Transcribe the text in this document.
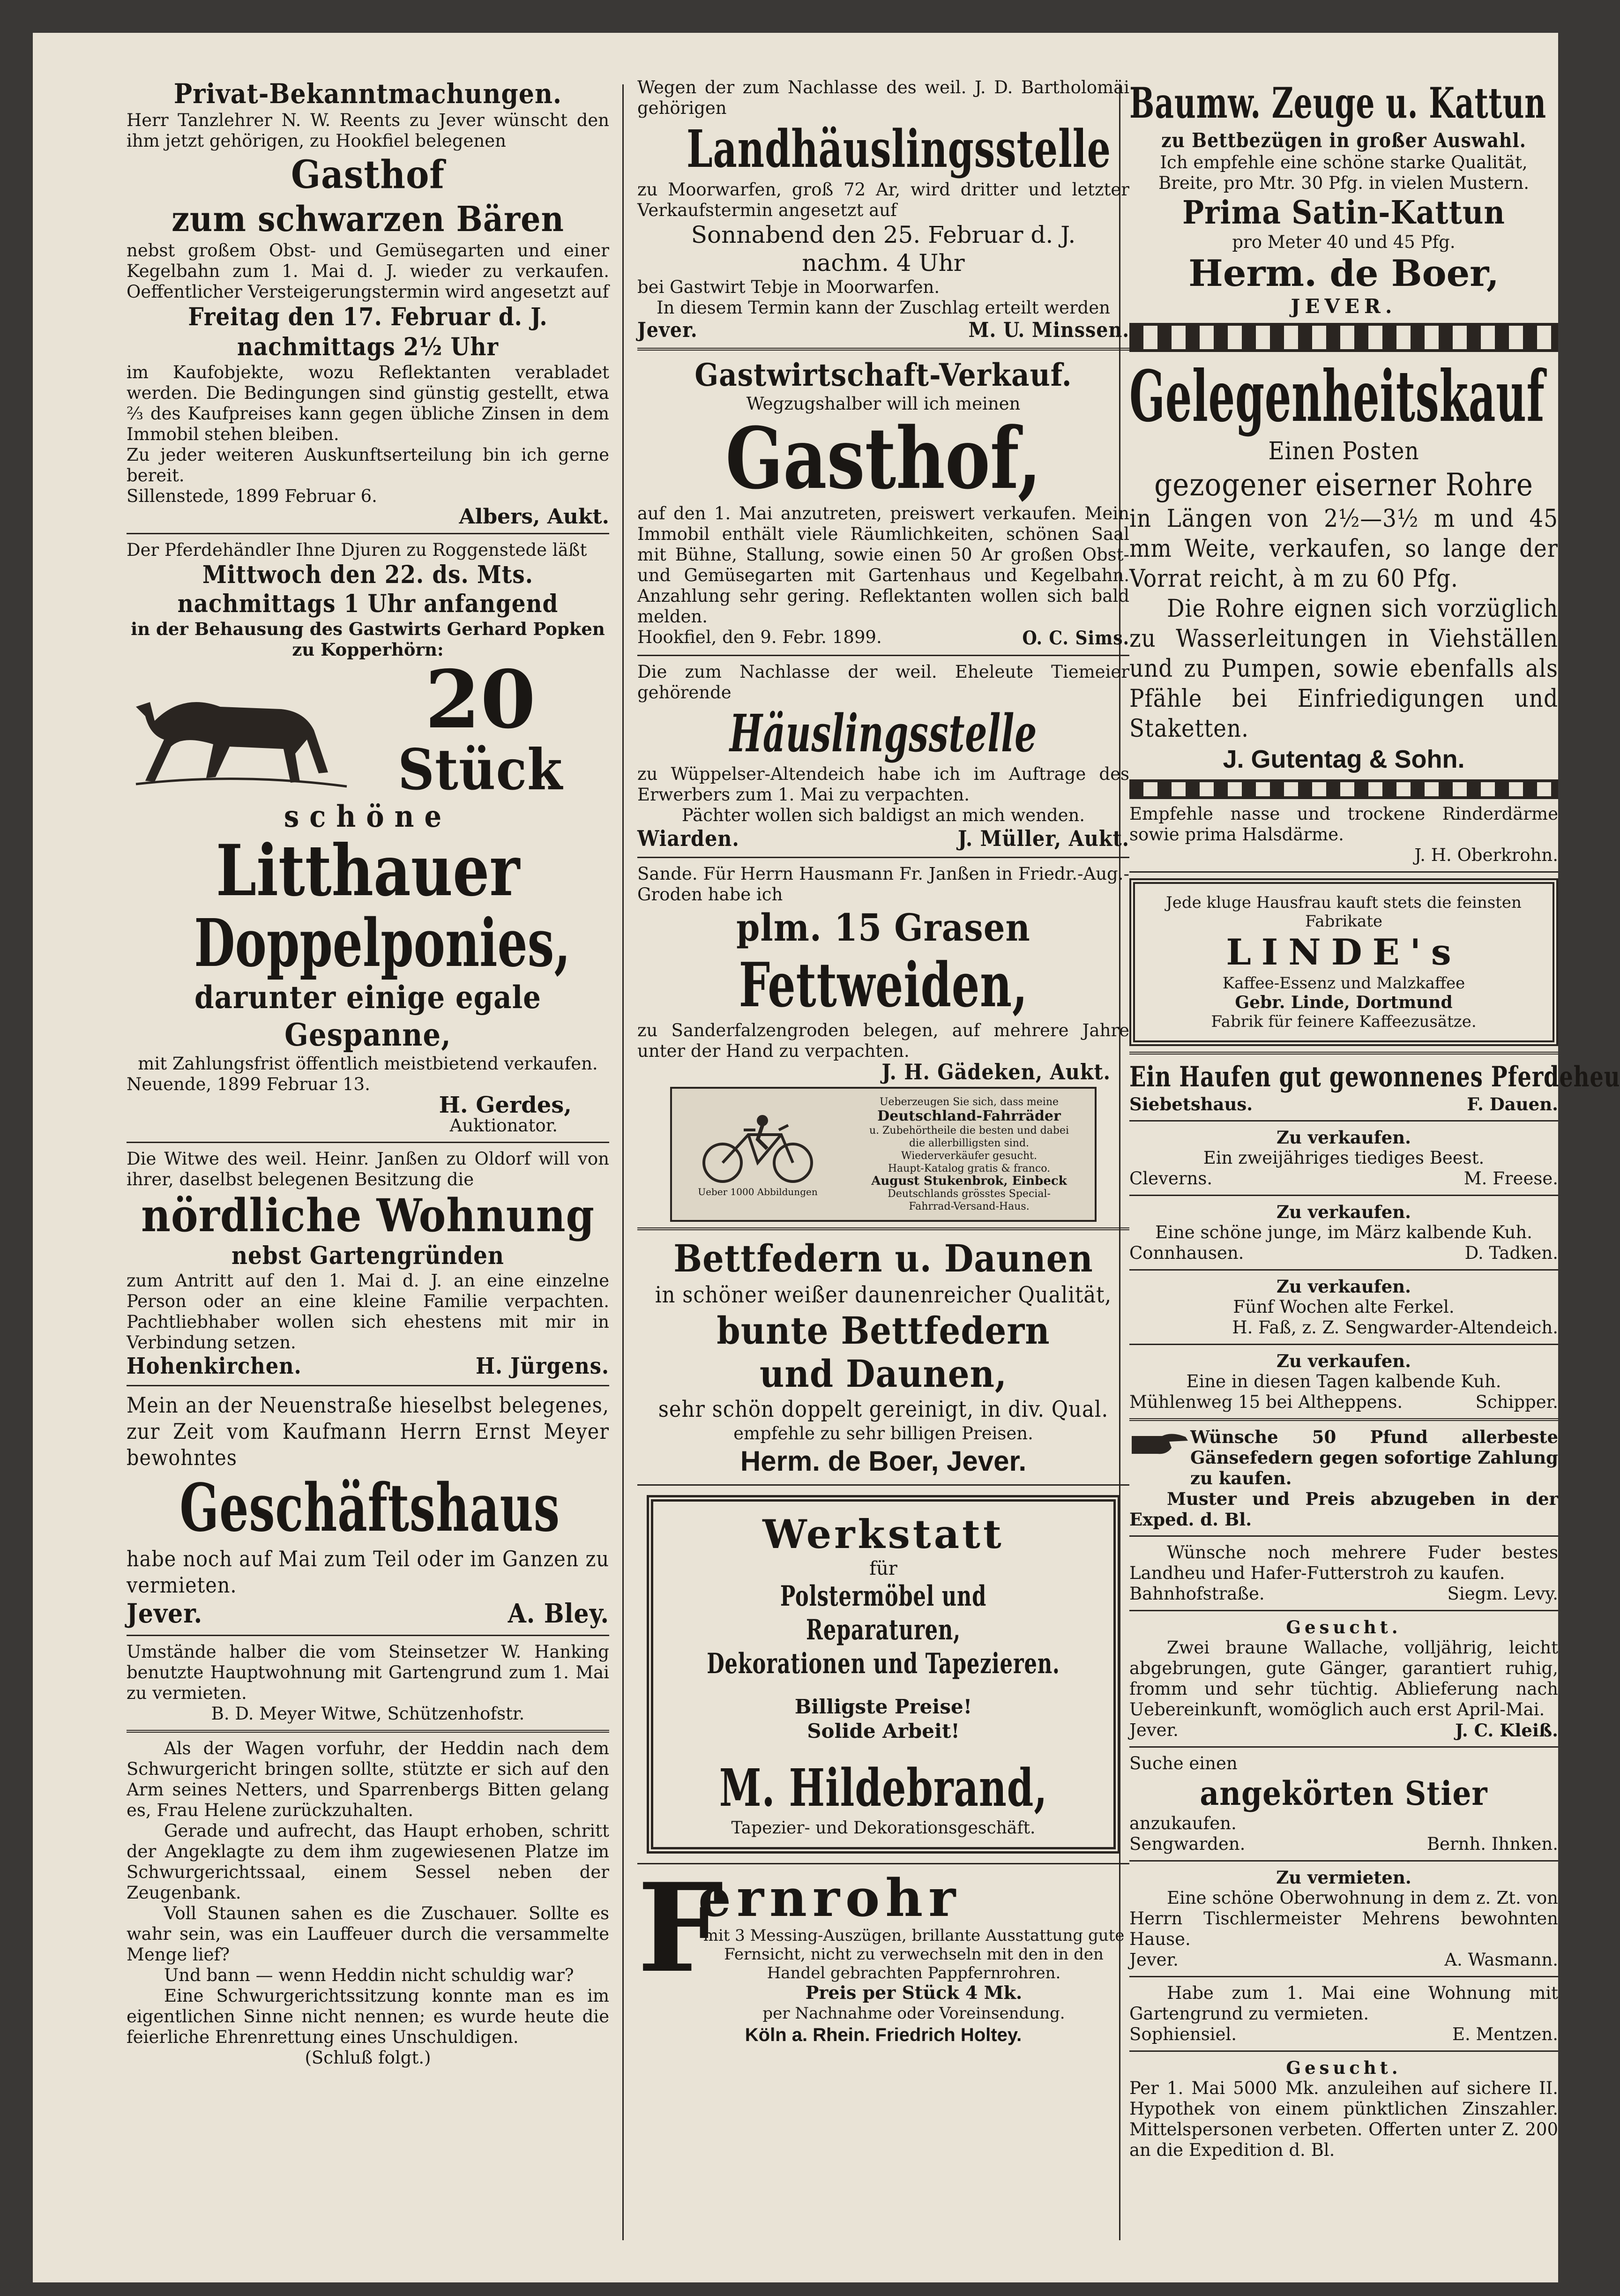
Privat-Bekanntmachungen.

Herr Tanzlehrer N. W. Reents zu Jever wünscht den ihm jetzt gehörigen, zu Hookfiel belegenen

Gasthof
zum schwarzen Bären

nebst großem Obst- und Gemüsegarten und einer Kegelbahn zum 1. Mai d. J. wieder zu verkaufen. Oeffentlicher Versteigerungstermin wird angesetzt auf

Freitag den 17. Februar d. J.
nachmittags 2½ Uhr

im Kaufobjekte, wozu Reflektanten verabladet werden. Die Bedingungen sind günstig gestellt, etwa ⅔ des Kaufpreises kann gegen übliche Zinsen in dem Immobil stehen bleiben.

Zu jeder weiteren Auskunftserteilung bin ich gerne bereit.

Sillenstede, 1899 Februar 6.

Albers, Aukt.

Der Pferdehändler Ihne Djuren zu Roggenstede läßt

Mittwoch den 22. ds. Mts.
nachmittags 1 Uhr anfangend

in der Behausung des Gastwirts Gerhard Popken zu Kopperhörn:

20
Stück
schöne
Litthauer
Doppelponies,
darunter einige egale Gespanne,

mit Zahlungsfrist öffentlich meistbietend verkaufen.

Neuende, 1899 Februar 13.

H. Gerdes,

Auktionator.

Die Witwe des weil. Heinr. Janßen zu Oldorf will von ihrer, daselbst belegenen Besitzung die

nördliche Wohnung
nebst Gartengründen

zum Antritt auf den 1. Mai d. J. an eine einzelne Person oder an eine kleine Familie verpachten. Pachtliebhaber wollen sich ehestens mit mir in Verbindung setzen.

Hohenkirchen.	H. Jürgens.

Mein an der Neuenstraße hieselbst belegenes, zur Zeit vom Kaufmann Herrn Ernst Meyer bewohntes

Geschäftshaus

habe noch auf Mai zum Teil oder im Ganzen zu vermieten.

Jever.	A. Bley.

Umstände halber die vom Steinsetzer W. Hanking benutzte Hauptwohnung mit Gartengrund zum 1. Mai zu vermieten.

B. D. Meyer Witwe, Schützenhofstr.

Als der Wagen vorfuhr, der Heddin nach dem Schwurgericht bringen sollte, stützte er sich auf den Arm seines Netters, und Sparrenbergs Bitten gelang es, Frau Helene zurückzuhalten.

Gerade und aufrecht, das Haupt erhoben, schritt der Angeklagte zu dem ihm zugewiesenen Platze im Schwurgerichtssaal, einem Sessel neben der Zeugenbank.

Voll Staunen sahen es die Zuschauer. Sollte es wahr sein, was ein Lauffeuer durch die versammelte Menge lief?

Und bann — wenn Heddin nicht schuldig war?

Eine Schwurgerichtssitzung konnte man es im eigentlichen Sinne nicht nennen; es wurde heute die feierliche Ehrenrettung eines Unschuldigen.

(Schluß folgt.)

Wegen der zum Nachlasse des weil. J. D. Bartholomäi gehörigen

Landhäuslingsstelle

zu Moorwarfen, groß 72 Ar, wird dritter und letzter Verkaufstermin angesetzt auf

Sonnabend den 25. Februar d. J.
nachm. 4 Uhr

bei Gastwirt Tebje in Moorwarfen.

In diesem Termin kann der Zuschlag erteilt werden

Jever.	M. U. Minssen.
Gastwirtschaft-Verkauf.

Wegzugshalber will ich meinen

Gasthof,

auf den 1. Mai anzutreten, preiswert verkaufen. Mein Immobil enthält viele Räumlichkeiten, schönen Saal mit Bühne, Stallung, sowie einen 50 Ar großen Obst- und Gemüsegarten mit Gartenhaus und Kegelbahn. Anzahlung sehr gering. Reflektanten wollen sich bald melden.

Hookfiel, den 9. Febr. 1899.	O. C. Sims.

Die zum Nachlasse der weil. Eheleute Tiemeier gehörende

Häuslingsstelle

zu Wüppelser-Altendeich habe ich im Auftrage des Erwerbers zum 1. Mai zu verpachten.

Pächter wollen sich baldigst an mich wenden.

Wiarden.	J. Müller, Aukt.

Sande. Für Herrn Hausmann Fr. Janßen in Friedr.-Aug.-Groden habe ich

plm. 15 Grasen
Fettweiden,

zu Sanderfalzengroden belegen, auf mehrere Jahre unter der Hand zu verpachten.

J. H. Gädeken, Aukt.

Ueber 1000 Abbildungen
Ueberzeugen Sie sich, dass meine
Deutschland-Fahrräder
u. Zubehörtheile die besten und dabei die allerbilligsten sind.
Wiederverkäufer gesucht.
Haupt-Katalog gratis & franco.
August Stukenbrok, Einbeck
Deutschlands grösstes Special-Fahrrad-Versand-Haus.
Bettfedern u. Daunen
in schöner weißer daunenreicher Qualität,
bunte Bettfedern
und Daunen,
sehr schön doppelt gereinigt, in div. Qual.

empfehle zu sehr billigen Preisen.

Herm. de Boer, Jever.
Werkstatt
für
Polstermöbel und Reparaturen,
Dekorationen und Tapezieren.
Billigste Preise!
Solide Arbeit!
M. Hildebrand,
Tapezier- und Dekorationsgeschäft.
F
ernrohr

mit 3 Messing-Auszügen, brillante Ausstattung gute Fernsicht, nicht zu verwechseln mit den in den Handel gebrachten Pappfernrohren.

Preis per Stück 4 Mk.

per Nachnahme oder Voreinsendung.

Köln a. Rhein. Friedrich Holtey.
Baumw. Zeuge u. Kattun
zu Bettbezügen in großer Auswahl.

Ich empfehle eine schöne starke Qualität, Breite, pro Mtr. 30 Pfg. in vielen Mustern.

Prima Satin-Kattun

pro Meter 40 und 45 Pfg.

Herm. de Boer,
JEVER.
Gelegenheitskauf
Einen Posten
gezogener eiserner Rohre

in Längen von 2½—3½ m und 45 mm Weite, verkaufen, so lange der Vorrat reicht, à m zu 60 Pfg.

Die Rohre eignen sich vorzüglich zu Wasserleitungen in Viehställen und zu Pumpen, sowie ebenfalls als Pfähle bei Einfriedigungen und Staketten.

J. Gutentag & Sohn.

Empfehle nasse und trockene Rinderdärme sowie prima Halsdärme.

J. H. Oberkrohn.

Jede kluge Hausfrau kauft stets die feinsten Fabrikate

LINDE's

Kaffee-Essenz und Malzkaffee

Gebr. Linde, Dortmund

Fabrik für feinere Kaffeezusätze.

Ein Haufen gut gewonnenes Pferdeheu
Siebetshaus.	F. Dauen.

Zu verkaufen.

Ein zweijähriges tiediges Beest.

Cleverns.	M. Freese.

Zu verkaufen.

Eine schöne junge, im März kalbende Kuh.

Connhausen.	D. Tadken.

Zu verkaufen.

Fünf Wochen alte Ferkel.

H. Faß, z. Z. Sengwarder-Altendeich.

Zu verkaufen.

Eine in diesen Tagen kalbende Kuh.

Mühlenweg 15 bei Altheppens.	Schipper.

Wünsche 50 Pfund allerbeste Gänsefedern gegen sofortige Zahlung zu kaufen.

Muster und Preis abzugeben in der Exped. d. Bl.

Wünsche noch mehrere Fuder bestes Landheu und Hafer-Futterstroh zu kaufen.

Bahnhofstraße.	Siegm. Levy.

Gesucht.

Zwei braune Wallache, volljährig, leicht abgebrungen, gute Gänger, garantiert ruhig, fromm und sehr tüchtig. Ablieferung nach Uebereinkunft, womöglich auch erst April-Mai.

Jever.	J. C. Kleiß.

Suche einen

angekörten Stier

anzukaufen.

Sengwarden.	Bernh. Ihnken.

Zu vermieten.

Eine schöne Oberwohnung in dem z. Zt. von Herrn Tischlermeister Mehrens bewohnten Hause.

Jever.	A. Wasmann.

Habe zum 1. Mai eine Wohnung mit Gartengrund zu vermieten.

Sophiensiel.	E. Mentzen.

Gesucht.

Per 1. Mai 5000 Mk. anzuleihen auf sichere II. Hypothek von einem pünktlichen Zinszahler. Mittelspersonen verbeten. Offerten unter Z. 200 an die Expedition d. Bl.
